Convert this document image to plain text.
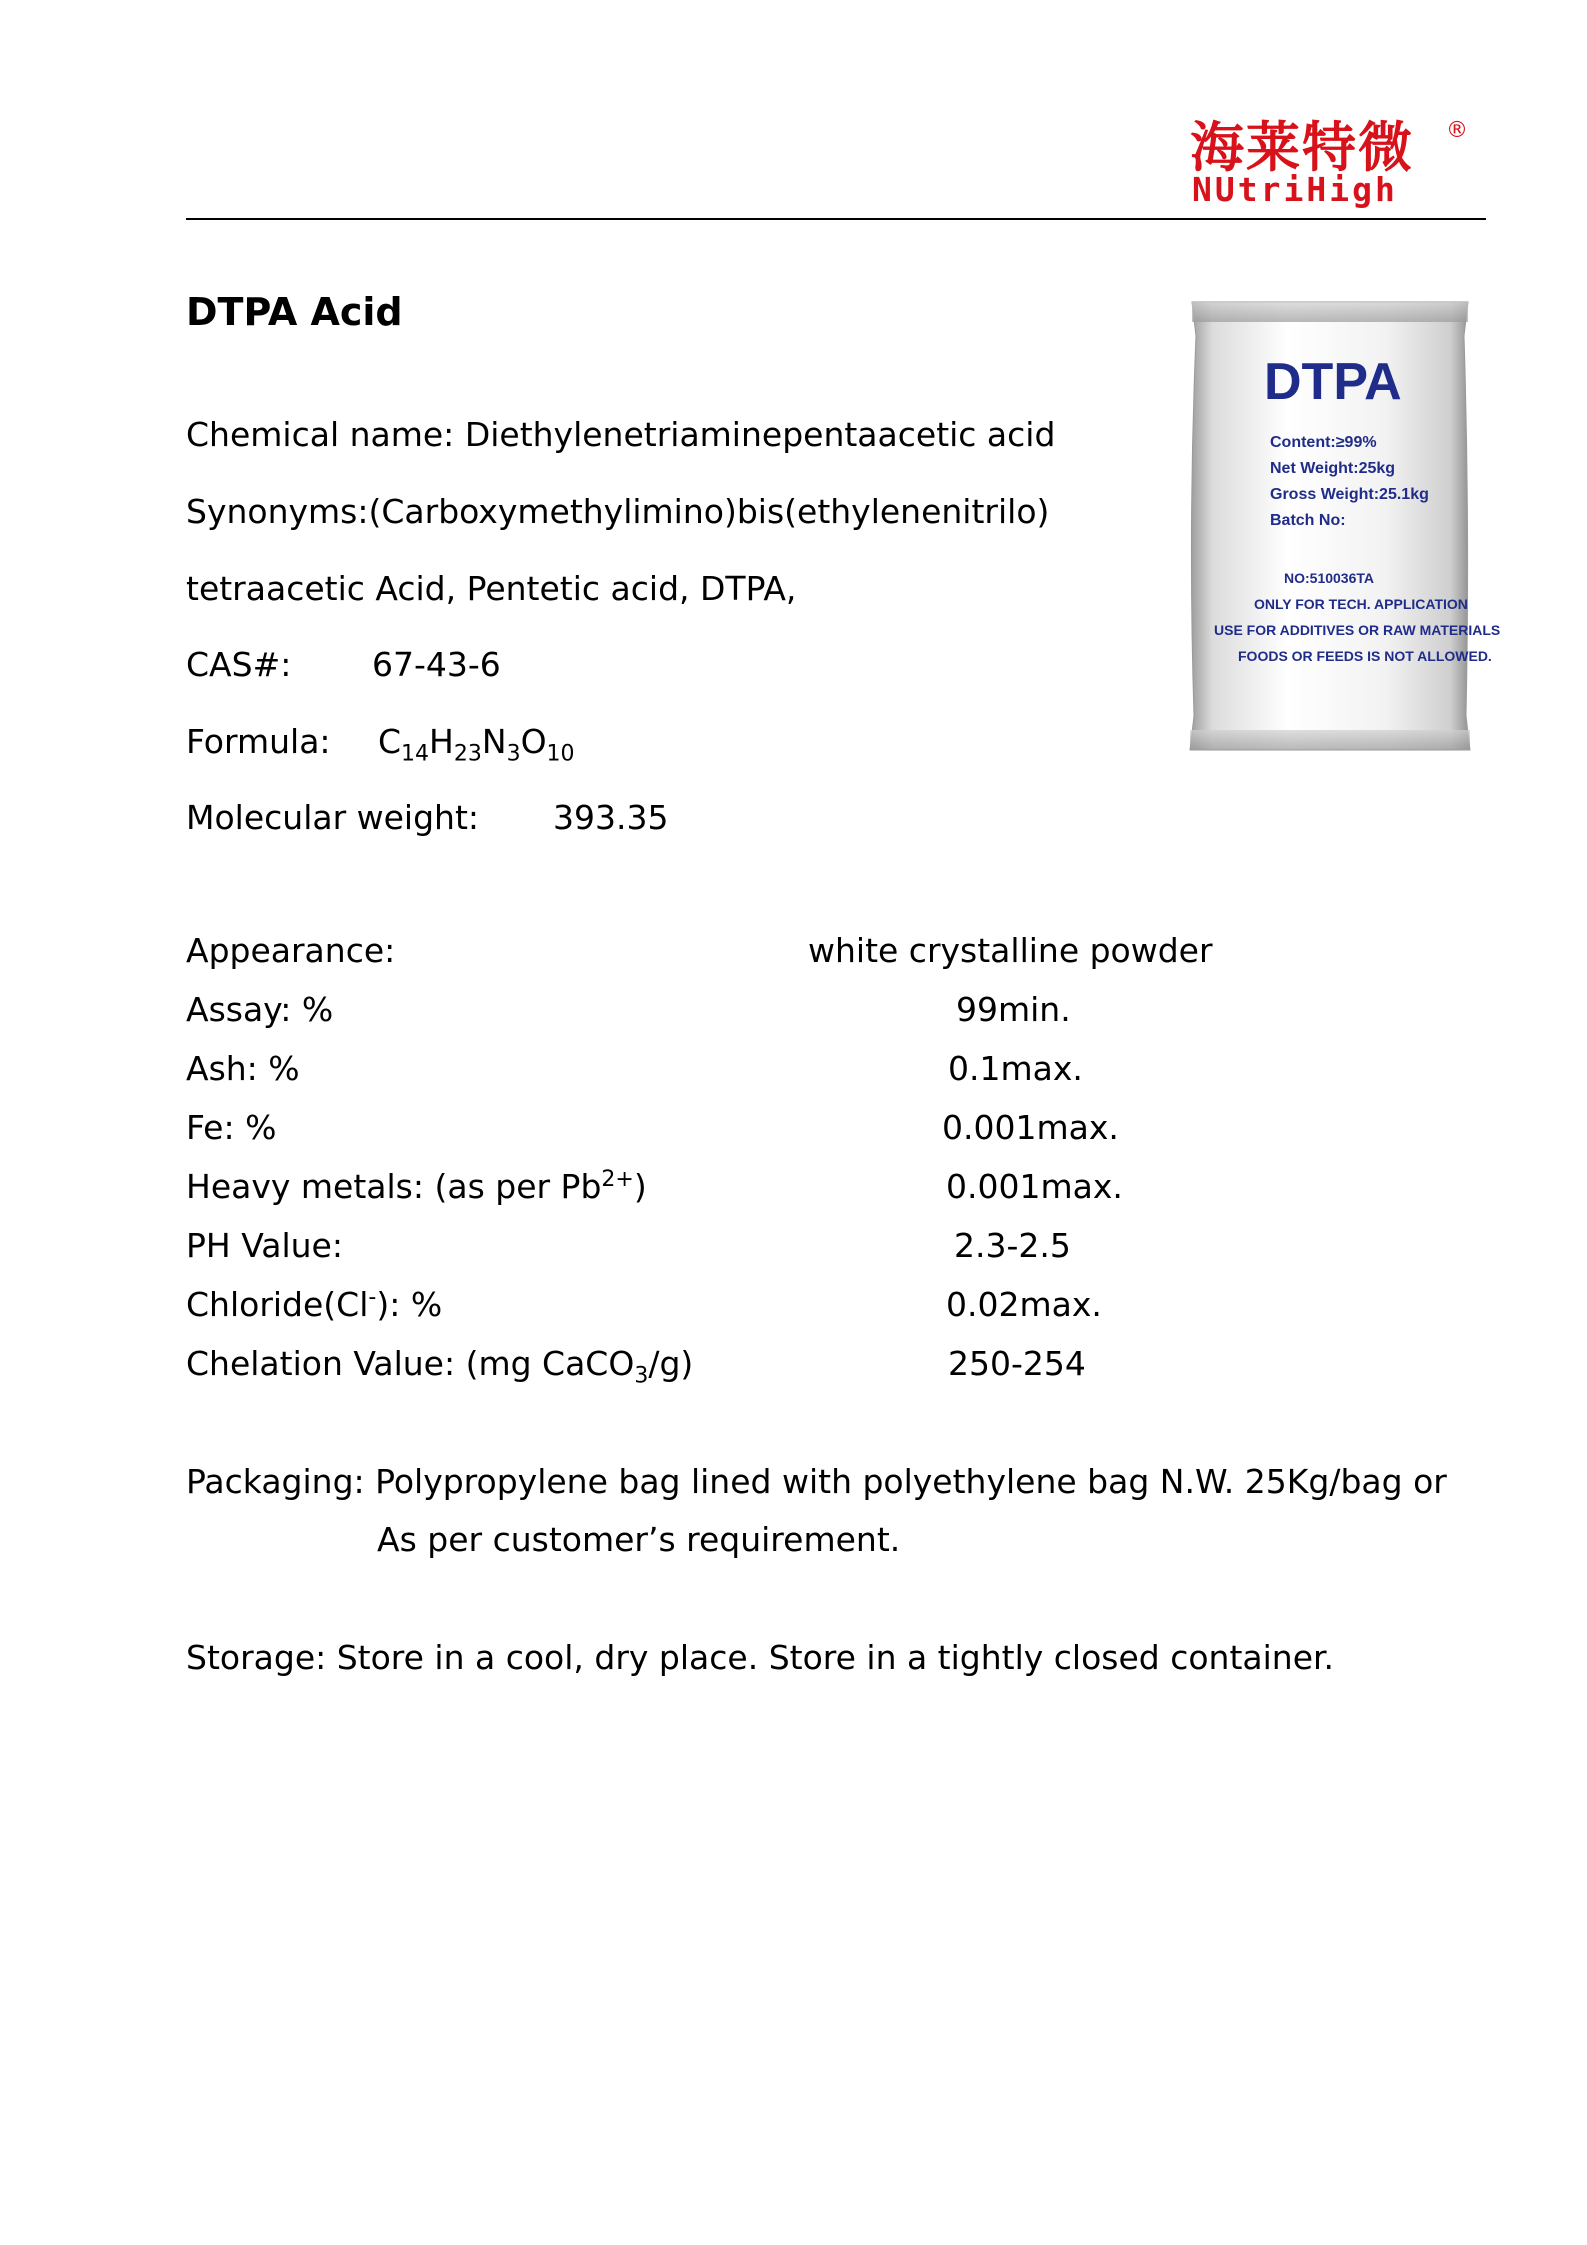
海莱特微 ®
NUtriHigh
DTPA Acid
Chemical name: Diethylenetriaminepentaacetic acid
Synonyms:(Carboxymethylimino)bis(ethylenenitrilo)
tetraacetic Acid, Pentetic acid, DTPA,
CAS#: 67-43-6
Formula: $C_{14}H_{23}N_3O_{10}$
Molecular weight: 393.35
Appearance:	white crystalline powder
Assay: %	99min.
Ash: %	0.1max.
Fe: %	0.001max.
Heavy metals: (as per $Pb^{2+}$)	0.001max.
PH Value:	2.3-2.5
Chloride(Cl-): %	0.02max.
Chelation Value: (mg CaCO$_3$/g)	250-254
Packaging: Polypropylene bag lined with polyethylene bag N.W. 25Kg/bag or
As per customer’s requirement.
Storage: Store in a cool, dry place. Store in a tightly closed container.
DTPA
Content:≥99%
Net Weight:25kg
Gross Weight:25.1kg
Batch No:
NO:510036TA
ONLY FOR TECH. APPLICATION
USE FOR ADDITIVES OR RAW MATERIALS
FOODS OR FEEDS IS NOT ALLOWED.
